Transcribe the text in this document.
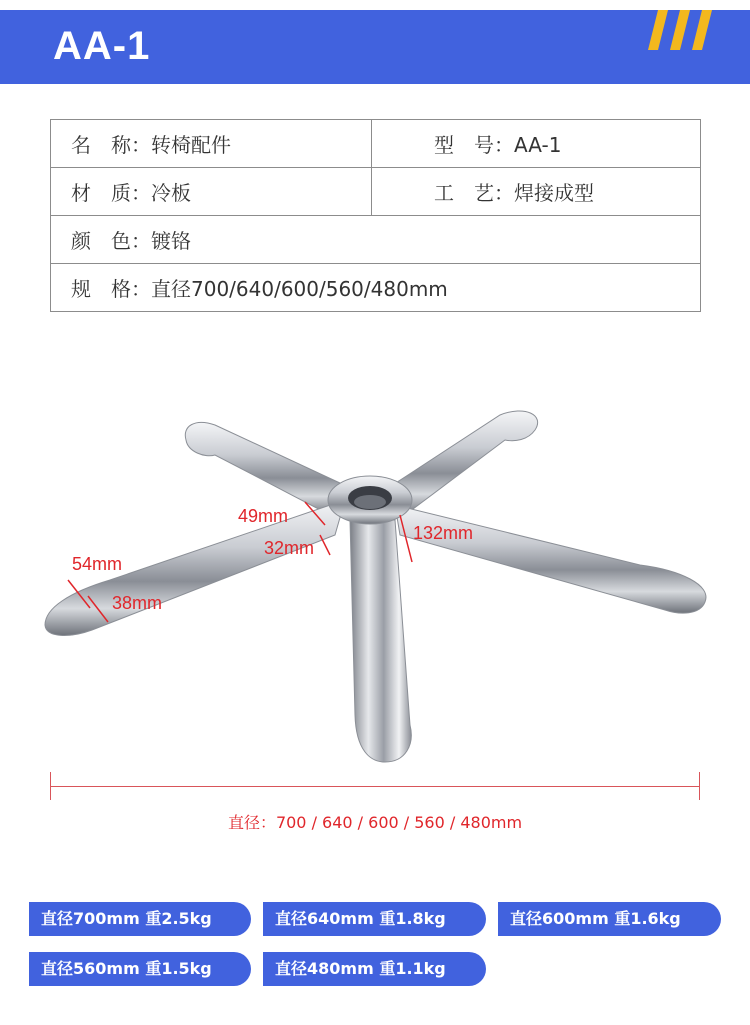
AA-1
名　称：转椅配件	型　号：AA-1
材　质：冷板	工　艺：焊接成型
颜　色：镀铬	
规　格：直径700/640/600/560/480mm	
49mm
32mm
132mm
54mm
38mm
直径：700 / 640 / 600 / 560 / 480mm
直径700mm 重2.5kg	直径640mm 重1.8kg	直径600mm 重1.6kg
直径560mm 重1.5kg	直径480mm 重1.1kg
